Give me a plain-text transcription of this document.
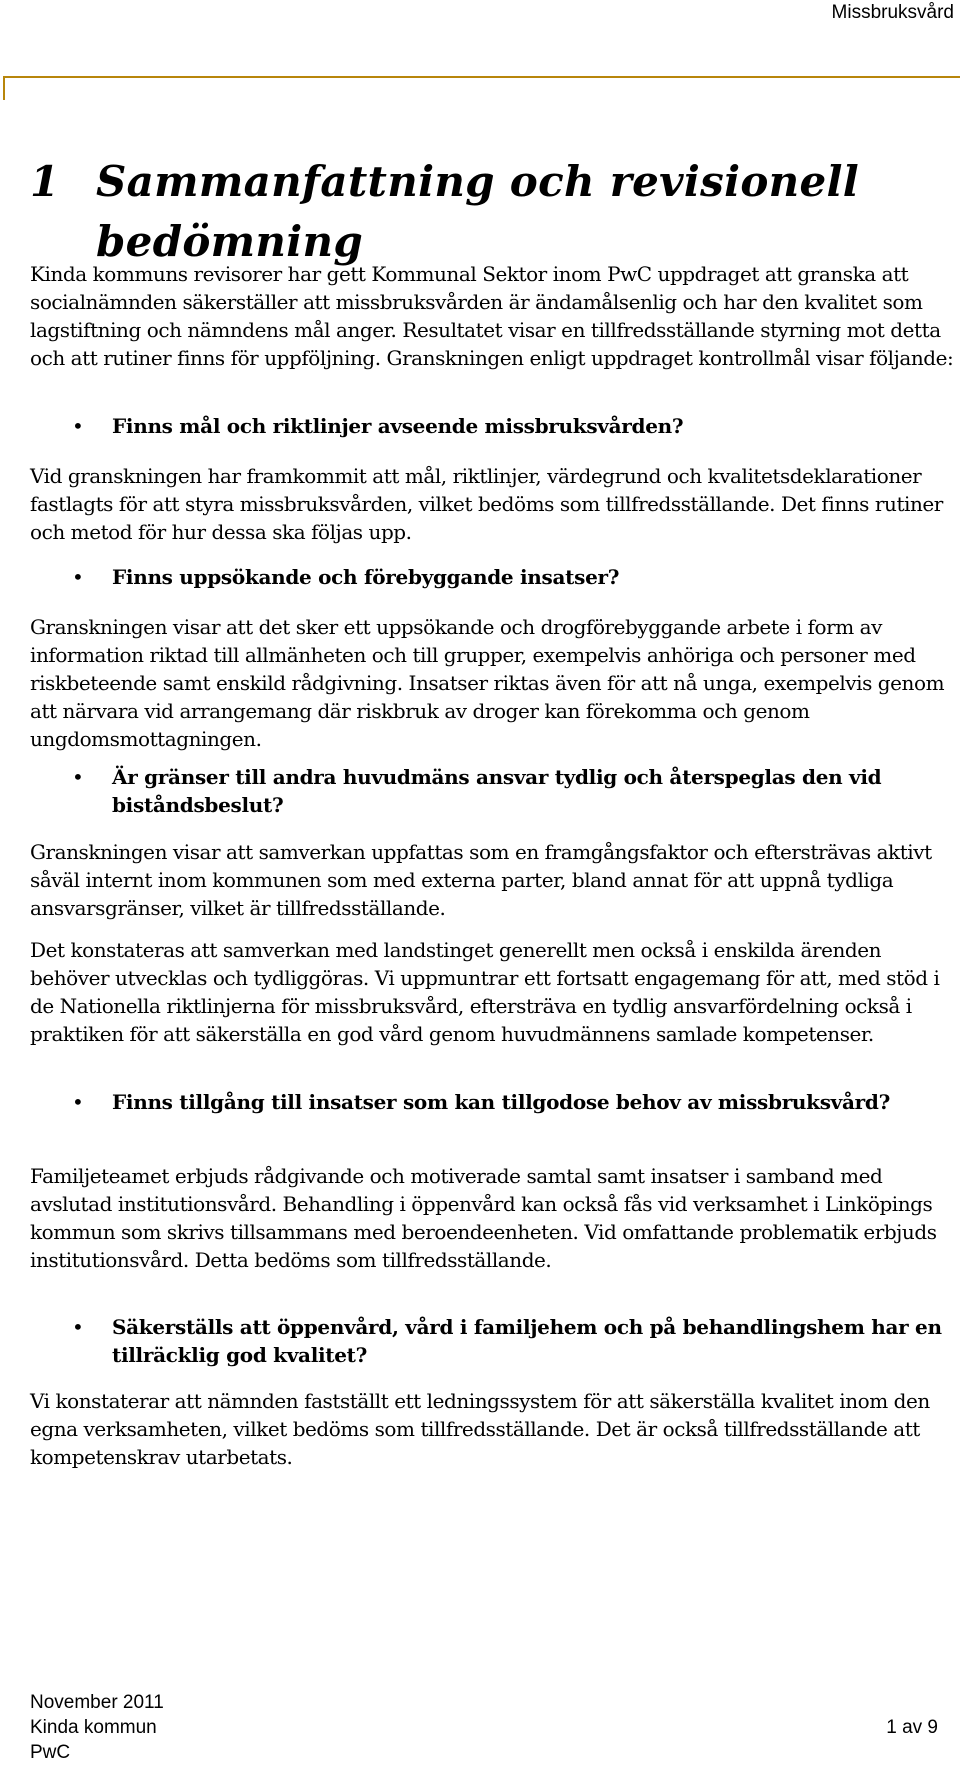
Missbruksvård
1 Sammanfattning och revisionell
bedömning

Kinda kommuns revisorer har gett Kommunal Sektor inom PwC uppdraget att granska att socialnämnden säkerställer att missbruksvården är ändamålsenlig och har den kvalitet som lagstiftning och nämndens mål anger. Resultatet visar en tillfredsställande styrning mot detta och att rutiner finns för uppföljning. Granskningen enligt uppdraget kontrollmål visar följande:

•	Finns mål och riktlinjer avseende missbruksvården?

Vid granskningen har framkommit att mål, riktlinjer, värdegrund och kvalitetsdeklarationer fastlagts för att styra missbruksvården, vilket bedöms som tillfredsställande. Det finns rutiner och metod för hur dessa ska följas upp.

•	Finns uppsökande och förebyggande insatser?

Granskningen visar att det sker ett uppsökande och drogförebyggande arbete i form av information riktad till allmänheten och till grupper, exempelvis anhöriga och personer med riskbeteende samt enskild rådgivning. Insatser riktas även för att nå unga, exempelvis genom att närvara vid arrangemang där riskbruk av droger kan förekomma och genom ungdomsmottagningen.

•	Är gränser till andra huvudmäns ansvar tydlig och återspeglas den vid biståndsbeslut?

Granskningen visar att samverkan uppfattas som en framgångsfaktor och eftersträvas aktivt såväl internt inom kommunen som med externa parter, bland annat för att uppnå tydliga ansvarsgränser, vilket är tillfredsställande.

Det konstateras att samverkan med landstinget generellt men också i enskilda ärenden behöver utvecklas och tydliggöras. Vi uppmuntrar ett fortsatt engagemang för att, med stöd i de Nationella riktlinjerna för missbruksvård, eftersträva en tydlig ansvarfördelning också i praktiken för att säkerställa en god vård genom huvudmännens samlade kompetenser.

•	Finns tillgång till insatser som kan tillgodose behov av missbruksvård?

Familjeteamet erbjuds rådgivande och motiverade samtal samt insatser i samband med avslutad institutionsvård. Behandling i öppenvård kan också fås vid verksamhet i Linköpings kommun som skrivs tillsammans med beroendeenheten. Vid omfattande problematik erbjuds institutionsvård. Detta bedöms som tillfredsställande.

•	Säkerställs att öppenvård, vård i familjehem och på behandlingshem har en tillräcklig god kvalitet?

Vi konstaterar att nämnden fastställt ett ledningssystem för att säkerställa kvalitet inom den egna verksamheten, vilket bedöms som tillfredsställande. Det är också tillfredsställande att kompetenskrav utarbetats.

November 2011
Kinda kommun
PwC
1 av 9
